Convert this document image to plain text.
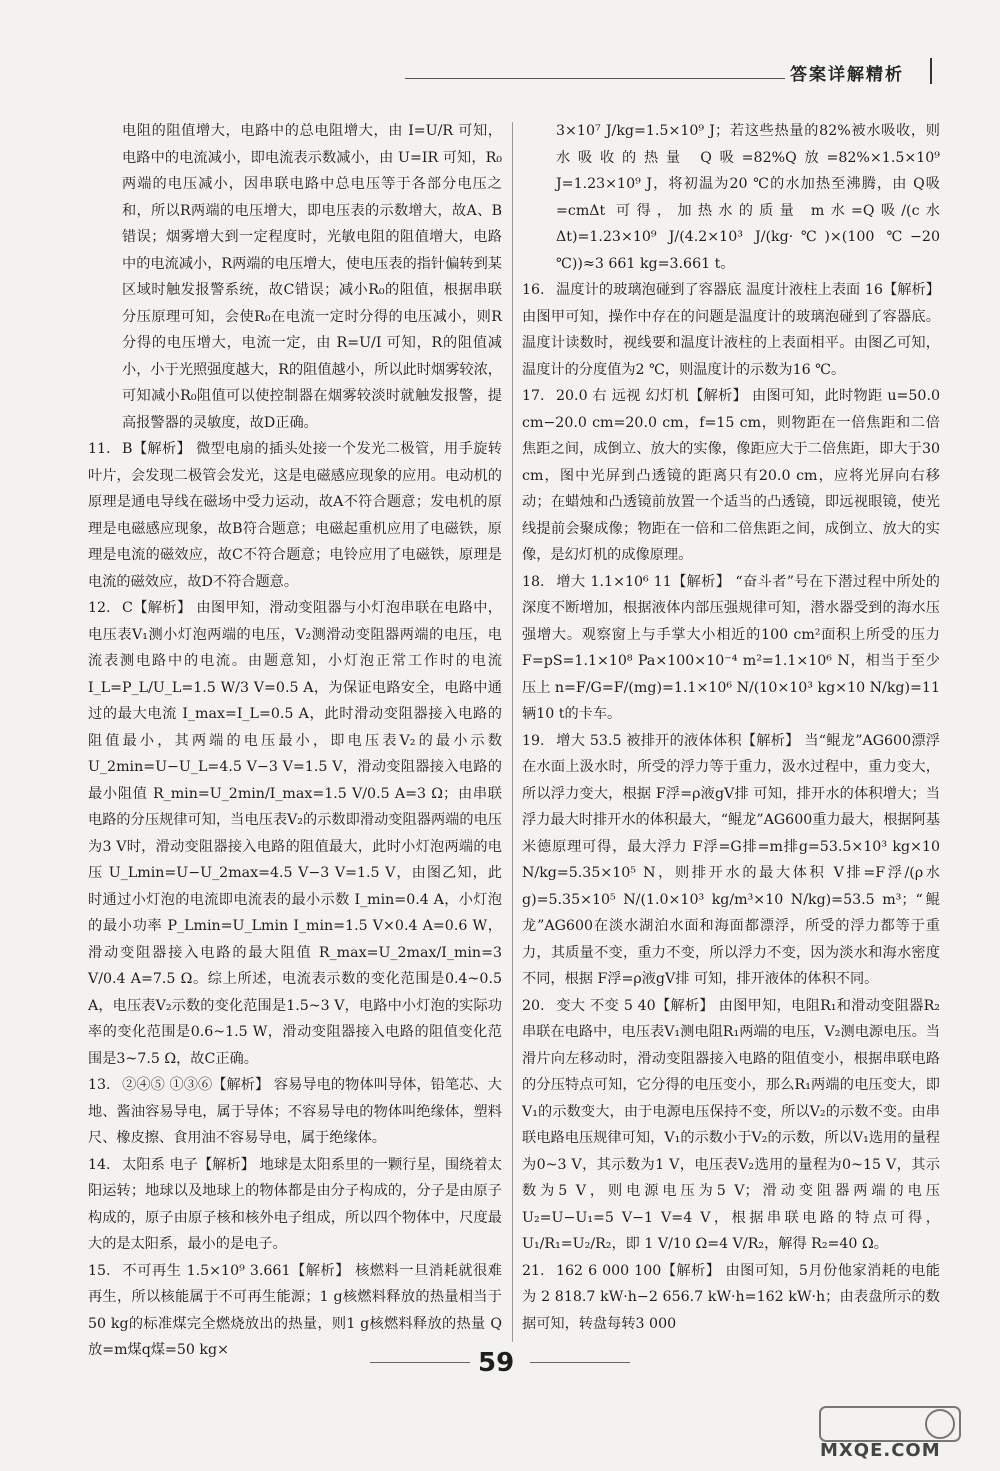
答案详解精析

电阻的阻值增大，电路中的总电阻增大，由 I=U/R 可知，电路中的电流减小，即电流表示数减小，由 U=IR 可知，R₀两端的电压减小，因串联电路中总电压等于各部分电压之和，所以R两端的电压增大，即电压表的示数增大，故A、B错误；烟雾增大到一定程度时，光敏电阻的阻值增大，电路中的电流减小，R两端的电压增大，使电压表的指针偏转到某区域时触发报警系统，故C错误；减小R₀的阻值，根据串联分压原理可知，会使R₀在电流一定时分得的电压减小，则R分得的电压增大，电流一定，由 R=U/I 可知，R的阻值减小，小于光照强度越大，R的阻值越小，所以此时烟雾较浓，可知减小R₀阻值可以使控制器在烟雾较淡时就触发报警，提高报警器的灵敏度，故D正确。

11. B【解析】 微型电扇的插头处接一个发光二极管，用手旋转叶片，会发现二极管会发光，这是电磁感应现象的应用。电动机的原理是通电导线在磁场中受力运动，故A不符合题意；发电机的原理是电磁感应现象，故B符合题意；电磁起重机应用了电磁铁，原理是电流的磁效应，故C不符合题意；电铃应用了电磁铁，原理是电流的磁效应，故D不符合题意。

12. C【解析】 由图甲知，滑动变阻器与小灯泡串联在电路中，电压表V₁测小灯泡两端的电压，V₂测滑动变阻器两端的电压，电流表测电路中的电流。由题意知，小灯泡正常工作时的电流 I_L=P_L/U_L=1.5 W/3 V=0.5 A，为保证电路安全，电路中通过的最大电流 I_max=I_L=0.5 A，此时滑动变阻器接入电路的阻值最小，其两端的电压最小，即电压表V₂的最小示数 U_2min=U−U_L=4.5 V−3 V=1.5 V，滑动变阻器接入电路的最小阻值 R_min=U_2min/I_max=1.5 V/0.5 A=3 Ω；由串联电路的分压规律可知，当电压表V₂的示数即滑动变阻器两端的电压为3 V时，滑动变阻器接入电路的阻值最大，此时小灯泡两端的电压 U_Lmin=U−U_2max=4.5 V−3 V=1.5 V，由图乙知，此时通过小灯泡的电流即电流表的最小示数 I_min=0.4 A，小灯泡的最小功率 P_Lmin=U_Lmin I_min=1.5 V×0.4 A=0.6 W，滑动变阻器接入电路的最大阻值 R_max=U_2max/I_min=3 V/0.4 A=7.5 Ω。综上所述，电流表示数的变化范围是0.4~0.5 A，电压表V₂示数的变化范围是1.5~3 V，电路中小灯泡的实际功率的变化范围是0.6~1.5 W，滑动变阻器接入电路的阻值变化范围是3~7.5 Ω，故C正确。

13. ②④⑤ ①③⑥【解析】 容易导电的物体叫导体，铅笔芯、大地、酱油容易导电，属于导体；不容易导电的物体叫绝缘体，塑料尺、橡皮擦、食用油不容易导电，属于绝缘体。

14. 太阳系 电子【解析】 地球是太阳系里的一颗行星，围绕着太阳运转；地球以及地球上的物体都是由分子构成的，分子是由原子构成的，原子由原子核和核外电子组成，所以四个物体中，尺度最大的是太阳系，最小的是电子。

15. 不可再生 1.5×10⁹ 3.661【解析】 核燃料一旦消耗就很难再生，所以核能属于不可再生能源；1 g核燃料释放的热量相当于50 kg的标准煤完全燃烧放出的热量，则1 g核燃料释放的热量 Q放=m煤q煤=50 kg×

3×10⁷ J/kg=1.5×10⁹ J；若这些热量的82%被水吸收，则水吸收的热量 Q吸=82%Q放=82%×1.5×10⁹ J=1.23×10⁹ J，将初温为20 ℃的水加热至沸腾，由 Q吸=cmΔt 可得，加热水的质量 m水=Q吸/(c水Δt)=1.23×10⁹ J/(4.2×10³ J/(kg·℃)×(100 ℃−20 ℃))≈3 661 kg=3.661 t。

16. 温度计的玻璃泡碰到了容器底 温度计液柱上表面 16【解析】 由图甲可知，操作中存在的问题是温度计的玻璃泡碰到了容器底。温度计读数时，视线要和温度计液柱的上表面相平。由图乙可知，温度计的分度值为2 ℃，则温度计的示数为16 ℃。

17. 20.0 右 远视 幻灯机【解析】 由图可知，此时物距 u=50.0 cm−20.0 cm=20.0 cm，f=15 cm，则物距在一倍焦距和二倍焦距之间，成倒立、放大的实像，像距应大于二倍焦距，即大于30 cm，图中光屏到凸透镜的距离只有20.0 cm，应将光屏向右移动；在蜡烛和凸透镜前放置一个适当的凸透镜，即远视眼镜，使光线提前会聚成像；物距在一倍和二倍焦距之间，成倒立、放大的实像，是幻灯机的成像原理。

18. 增大 1.1×10⁶ 11【解析】 “奋斗者”号在下潜过程中所处的深度不断增加，根据液体内部压强规律可知，潜水器受到的海水压强增大。观察窗上与手掌大小相近的100 cm²面积上所受的压力 F=pS=1.1×10⁸ Pa×100×10⁻⁴ m²=1.1×10⁶ N，相当于至少压上 n=F/G=F/(mg)=1.1×10⁶ N/(10×10³ kg×10 N/kg)=11 辆10 t的卡车。

19. 增大 53.5 被排开的液体体积【解析】 当“鲲龙”AG600漂浮在水面上汲水时，所受的浮力等于重力，汲水过程中，重力变大，所以浮力变大，根据 F浮=ρ液gV排 可知，排开水的体积增大；当浮力最大时排开水的体积最大，“鲲龙”AG600重力最大，根据阿基米德原理可得，最大浮力 F浮=G排=m排g=53.5×10³ kg×10 N/kg=5.35×10⁵ N，则排开水的最大体积 V排=F浮/(ρ水g)=5.35×10⁵ N/(1.0×10³ kg/m³×10 N/kg)=53.5 m³；“鲲龙”AG600在淡水湖泊水面和海面都漂浮，所受的浮力都等于重力，其质量不变，重力不变，所以浮力不变，因为淡水和海水密度不同，根据 F浮=ρ液gV排 可知，排开液体的体积不同。

20. 变大 不变 5 40【解析】 由图甲知，电阻R₁和滑动变阻器R₂串联在电路中，电压表V₁测电阻R₁两端的电压，V₂测电源电压。当滑片向左移动时，滑动变阻器接入电路的阻值变小，根据串联电路的分压特点可知，它分得的电压变小，那么R₁两端的电压变大，即V₁的示数变大，由于电源电压保持不变，所以V₂的示数不变。由串联电路电压规律可知，V₁的示数小于V₂的示数，所以V₁选用的量程为0~3 V，其示数为1 V，电压表V₂选用的量程为0~15 V，其示数为5 V，则电源电压为5 V；滑动变阻器两端的电压 U₂=U−U₁=5 V−1 V=4 V，根据串联电路的特点可得，U₁/R₁=U₂/R₂，即 1 V/10 Ω=4 V/R₂，解得 R₂=40 Ω。

21. 162 6 000 100【解析】 由图可知，5月份他家消耗的电能为 2 818.7 kW·h−2 656.7 kW·h=162 kW·h；由表盘所示的数据可知，转盘每转3 000

59
MXQE.COM
